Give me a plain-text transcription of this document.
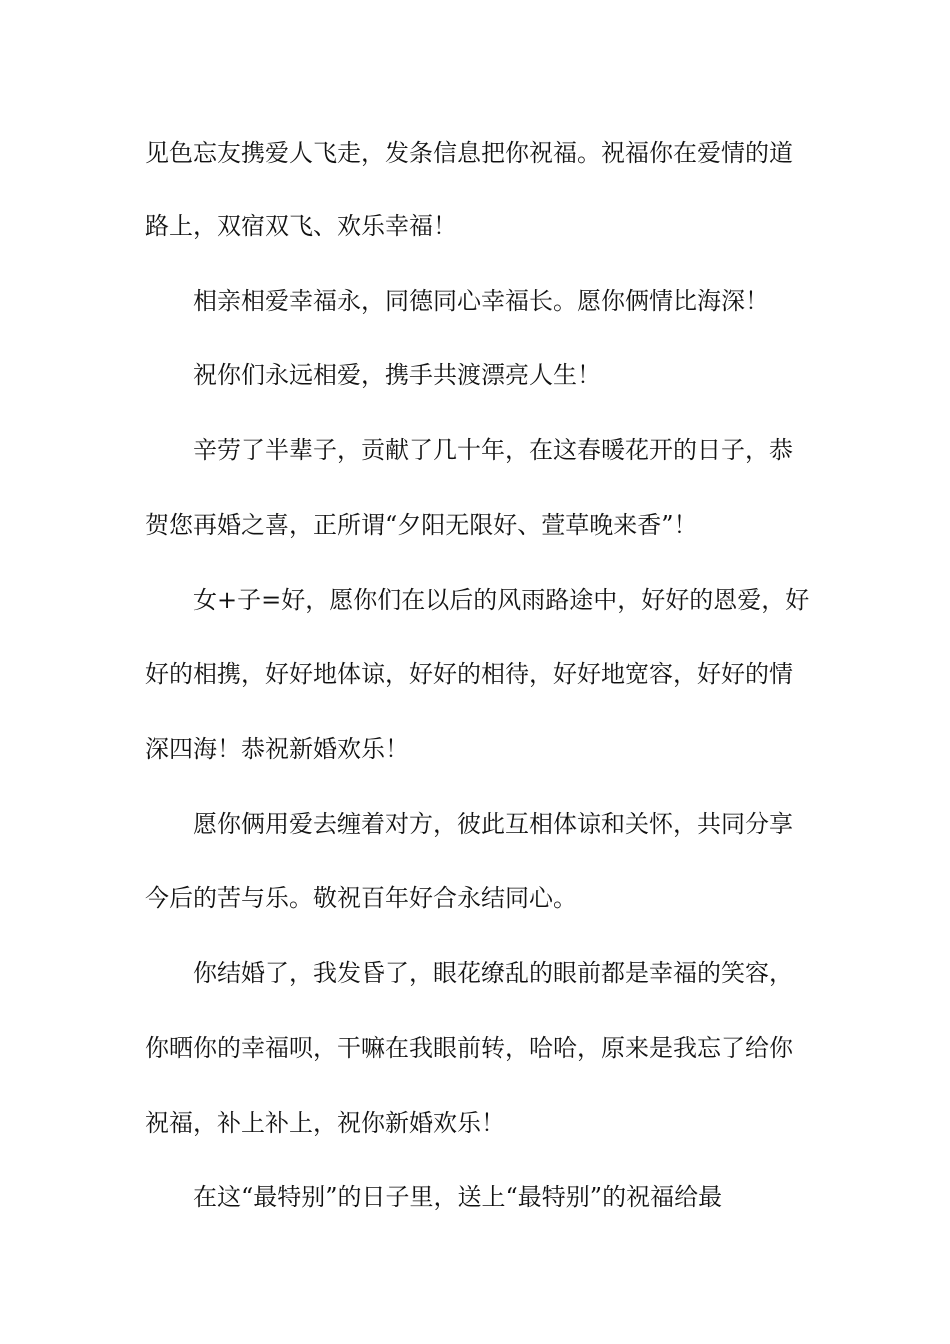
见色忘友携爱人飞走，发条信息把你祝福。祝福你在爱情的道
路上，双宿双飞、欢乐幸福！
相亲相爱幸福永，同德同心幸福长。愿你俩情比海深！
祝你们永远相爱，携手共渡漂亮人生！
辛劳了半辈子，贡献了几十年，在这春暖花开的日子，恭
贺您再婚之喜，正所谓“夕阳无限好、萱草晚来香”！
女+子=好，愿你们在以后的风雨路途中，好好的恩爱，好
好的相携，好好地体谅，好好的相待，好好地宽容，好好的情
深四海！恭祝新婚欢乐！
愿你俩用爱去缠着对方，彼此互相体谅和关怀，共同分享
今后的苦与乐。敬祝百年好合永结同心。
你结婚了，我发昏了，眼花缭乱的眼前都是幸福的笑容，
你晒你的幸福呗，干嘛在我眼前转，哈哈，原来是我忘了给你
祝福，补上补上，祝你新婚欢乐！
在这“最特别”的日子里，送上“最特别”的祝福给最
